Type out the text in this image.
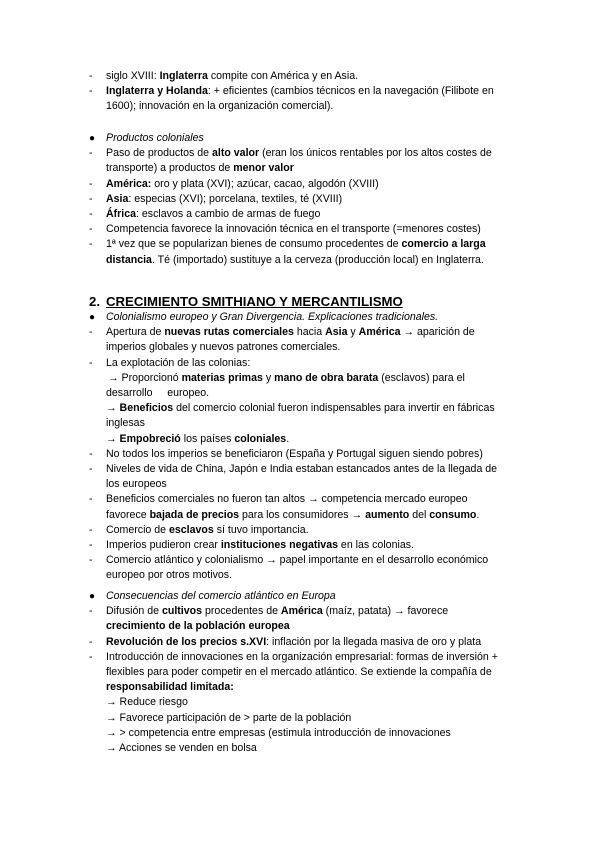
- siglo XVIII: Inglaterra compite con América y en Asia.
- Inglaterra y Holanda: + eficientes (cambios técnicos en la navegación (Filibote en
1600); innovación en la organización comercial).
● Productos coloniales
- Paso de productos de alto valor (eran los únicos rentables por los altos costes de
transporte) a productos de menor valor
- América: oro y plata (XVI); azúcar, cacao, algodón (XVIII)
- Asia: especias (XVI); porcelana, textiles, té (XVIII)
- África: esclavos a cambio de armas de fuego
- Competencia favorece la innovación técnica en el transporte (=menores costes)
- 1ª vez que se popularizan bienes de consumo procedentes de comercio a larga
distancia. Té (importado) sustituye a la cerveza (producción local) en Inglaterra.
2. CRECIMIENTO SMITHIANO Y MERCANTILISMO
● Colonialismo europeo y Gran Divergencia. Explicaciones tradicionales.
- Apertura de nuevas rutas comerciales hacia Asia y América → aparición de
imperios globales y nuevos patrones comerciales.
- La explotación de las colonias:
→ Proporcionó materias primas y mano de obra barata (esclavos) para el
desarrollo     europeo.
→ Beneficios del comercio colonial fueron indispensables para invertir en fábricas
inglesas
→ Empobreció los países coloniales.
- No todos los imperios se beneficiaron (España y Portugal siguen siendo pobres)
- Niveles de vida de China, Japón e India estaban estancados antes de la llegada de
los europeos
- Beneficios comerciales no fueron tan altos → competencia mercado europeo
favorece bajada de precios para los consumidores → aumento del consumo.
- Comercio de esclavos sí tuvo importancia.
- Imperios pudieron crear instituciones negativas en las colonias.
- Comercio atlántico y colonialismo → papel importante en el desarrollo económico
europeo por otros motivos.
● Consecuencias del comercio atlántico en Europa
- Difusión de cultivos procedentes de América (maíz, patata) → favorece
crecimiento de la población europea
- Revolución de los precios s.XVI: inflación por la llegada masiva de oro y plata
- Introducción de innovaciones en la organización empresarial: formas de inversión +
flexibles para poder competir en el mercado atlántico. Se extiende la compañía de
responsabilidad limitada:
→ Reduce riesgo
→ Favorece participación de > parte de la población
→ > competencia entre empresas (estimula introducción de innovaciones
→ Acciones se venden en bolsa
